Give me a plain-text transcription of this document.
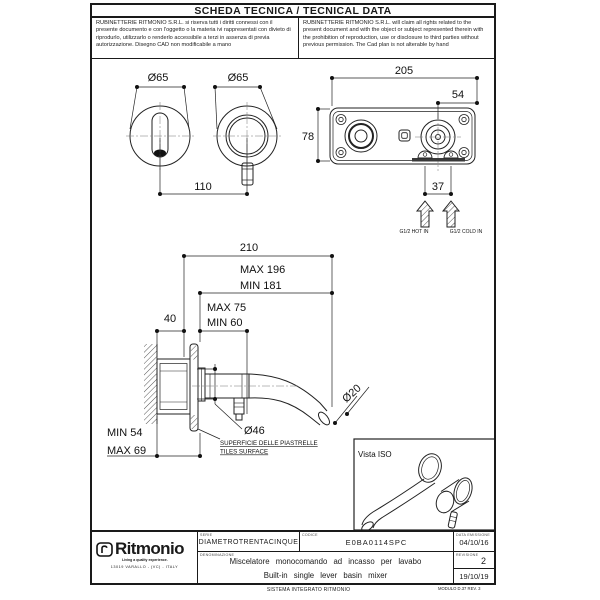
SCHEDA TECNICA / TECNICAL DATA
RUBINETTERIE RITMONIO S.R.L. si riserva tutti i diritti connessi con il presente documento e con l'oggetto o la materia ivi rappresentati con divieto di riprodurlo, utilizzarlo o renderlo accessibile a terzi in assenza di previa autorizzazione. Disegno CAD non modificabile a mano
RUBINETTERIE RITMONIO S.R.L. will claim all rights related to the present document and with the object or subject represented therein with the prohibition of reproduction, use or disclosure to third parties without previous permission. The Cad plan is not alterable by hand
Ø65	Ø65
110
205
54
78
37
G1/2 HOT IN	G1/2 COLD IN
210
MAX 196
MIN 181
MAX 75
MIN 60
40
MIN 54
MAX 69
Ø46
Ø20
SUPERFICIE DELLE PIASTRELLE
TILES SURFACE	Vista ISO
Ritmonio
Living a quality experience.
13019 VARALLO - (VC) - ITALY
SERIE
DIAMETROTRENTACINQUE
CODICE
E0BA0114SPC
DATA EMISSIONE
04/10/16
DENOMINAZIONE
Miscelatore monocomando ad incasso per lavabo
Built-in single lever basin mixer
REVISIONE
2
19/10/19
SISTEMA INTEGRATO RITMONIO	MODULO D.37 REV. 3
